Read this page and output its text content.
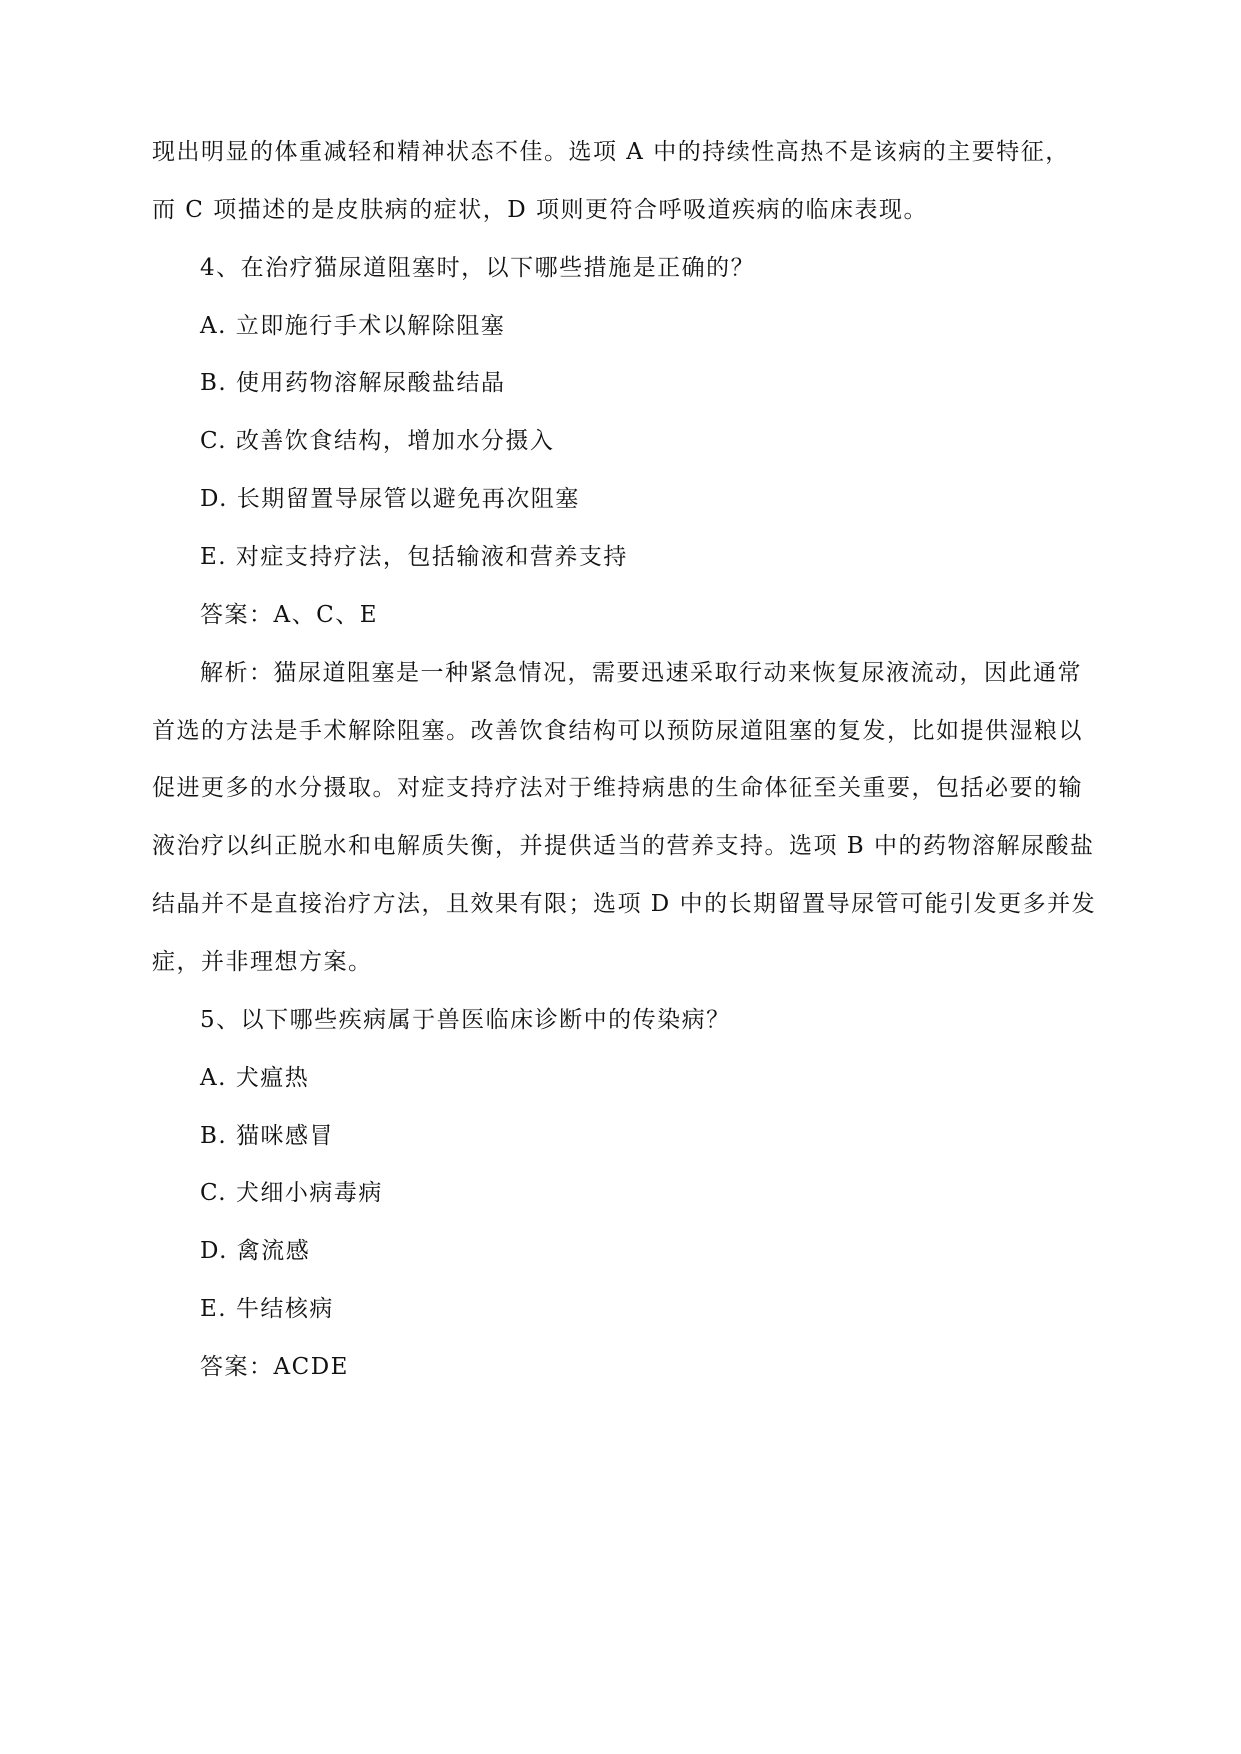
现出明显的体重减轻和精神状态不佳。选项 A 中的持续性高热不是该病的主要特征，
而 C 项描述的是皮肤病的症状，D 项则更符合呼吸道疾病的临床表现。
4、在治疗猫尿道阻塞时，以下哪些措施是正确的？
A. 立即施行手术以解除阻塞
B. 使用药物溶解尿酸盐结晶
C. 改善饮食结构，增加水分摄入
D. 长期留置导尿管以避免再次阻塞
E. 对症支持疗法，包括输液和营养支持
答案：A、C、E
解析：猫尿道阻塞是一种紧急情况，需要迅速采取行动来恢复尿液流动，因此通常
首选的方法是手术解除阻塞。改善饮食结构可以预防尿道阻塞的复发，比如提供湿粮以
促进更多的水分摄取。对症支持疗法对于维持病患的生命体征至关重要，包括必要的输
液治疗以纠正脱水和电解质失衡，并提供适当的营养支持。选项 B 中的药物溶解尿酸盐
结晶并不是直接治疗方法，且效果有限；选项 D 中的长期留置导尿管可能引发更多并发
症，并非理想方案。
5、以下哪些疾病属于兽医临床诊断中的传染病？
A. 犬瘟热
B. 猫咪感冒
C. 犬细小病毒病
D. 禽流感
E. 牛结核病
答案：ACDE
